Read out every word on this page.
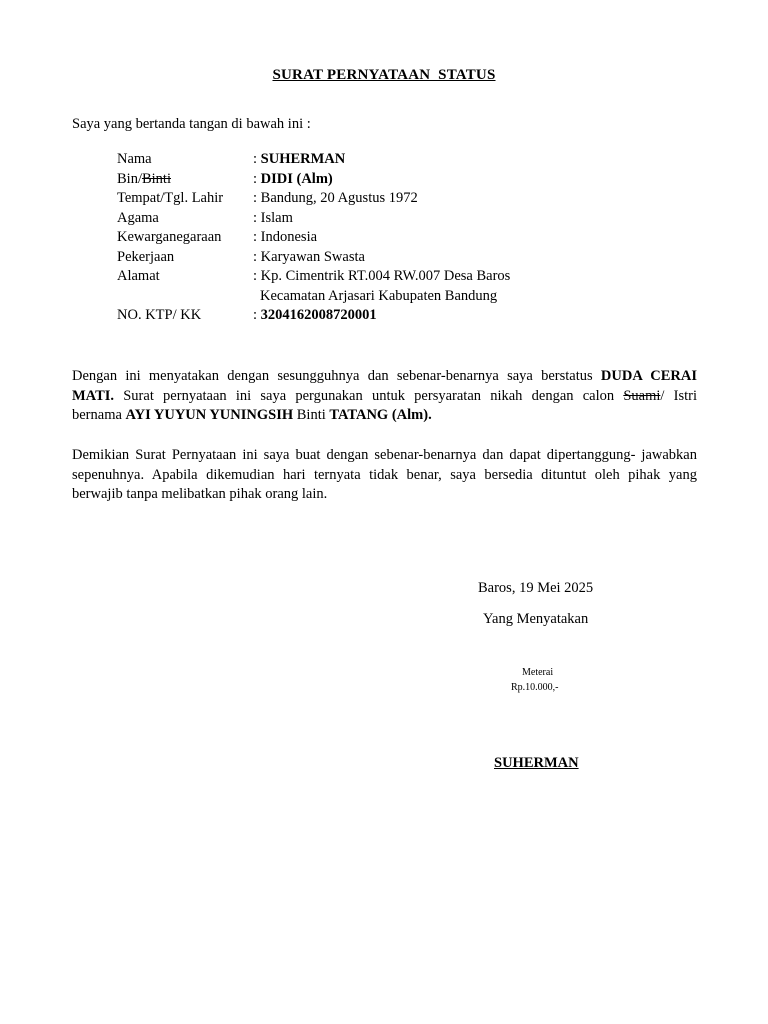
SURAT PERNYATAAN  STATUS
Saya yang bertanda tangan di bawah ini :
Nama	: SUHERMAN
Bin/Binti	: DIDI (Alm)
Tempat/Tgl. Lahir : Bandung, 20 Agustus 1972
Agama	: Islam
Kewarganegaraan : Indonesia
Pekerjaan	: Karyawan Swasta
Alamat	: Kp. Cimentrik RT.004 RW.007 Desa Baros
Kecamatan Arjasari Kabupaten Bandung
NO. KTP/ KK	: 3204162008720001
Dengan ini menyatakan dengan sesungguhnya dan sebenar-benarnya saya berstatus DUDA CERAI
MATI. Surat pernyataan ini saya pergunakan untuk persyaratan nikah dengan calon Suami/ Istri
bernama AYI YUYUN YUNINGSIH Binti TATANG (Alm).
Demikian Surat Pernyataan ini saya buat dengan sebenar-benarnya dan dapat dipertanggung- jawabkan
sepenuhnya. Apabila dikemudian hari ternyata tidak benar, saya bersedia dituntut oleh pihak yang
berwajib tanpa melibatkan pihak orang lain.
Baros, 19 Mei 2025
Yang Menyatakan
Meterai
Rp.10.000,-
SUHERMAN
